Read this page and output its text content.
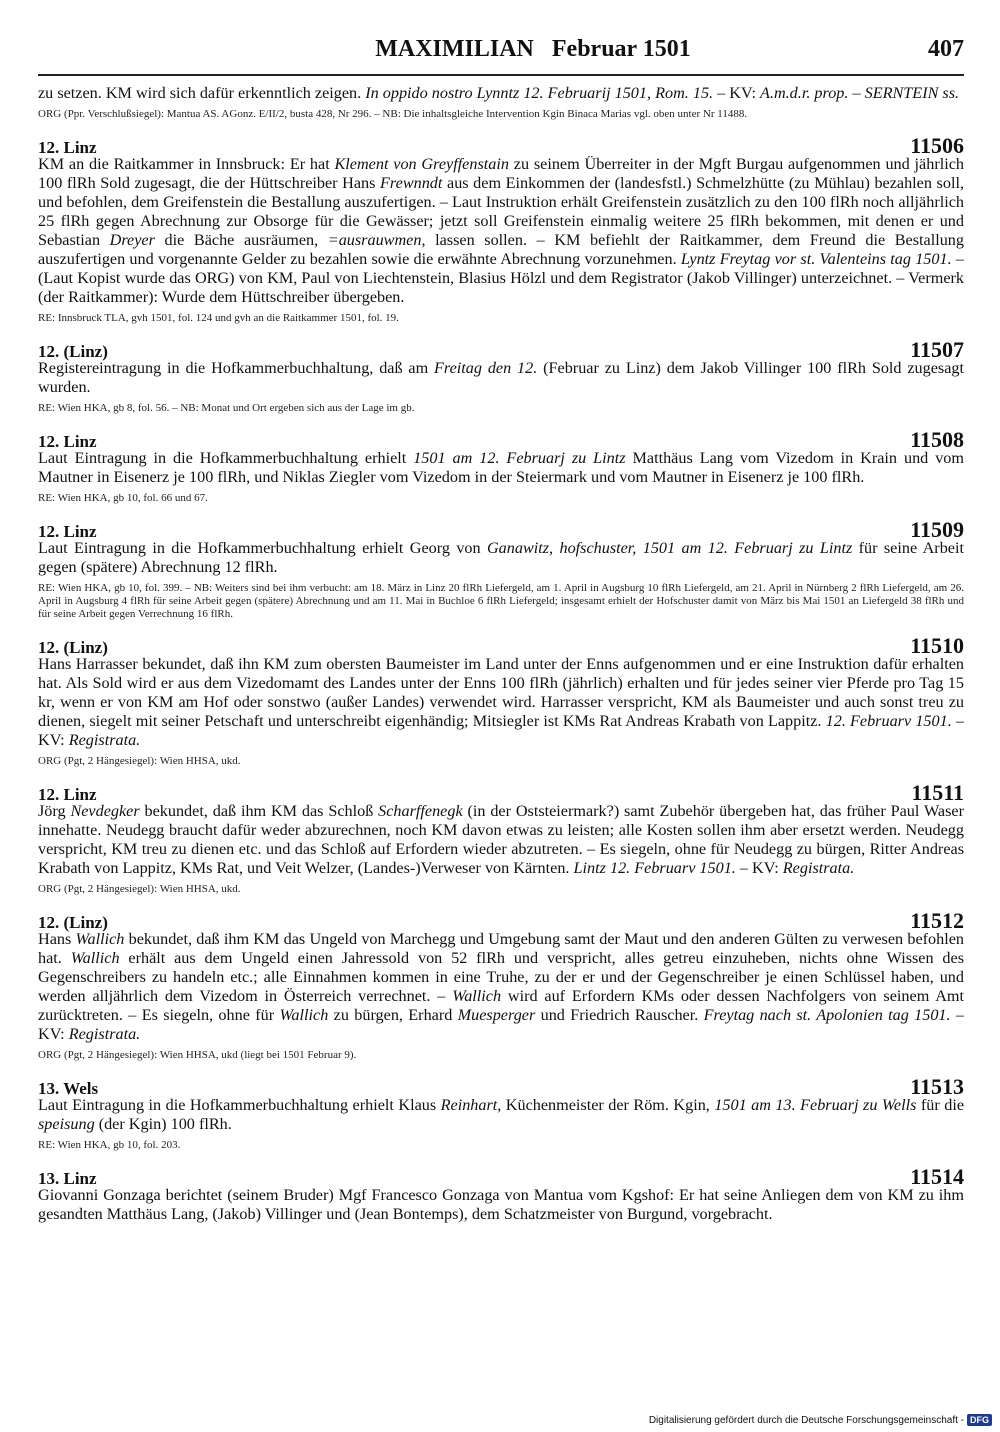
MAXIMILIAN Februar 1501	407

zu setzen. KM wird sich dafür erkenntlich zeigen. In oppido nostro Lynntz 12. Februarij 1501, Rom. 15. – KV: A.m.d.r. prop. – SERNTEIN ss.

ORG (Ppr. Verschlußsiegel): Mantua AS. AGonz. E/II/2, busta 428, Nr 296. – NB: Die inhaltsgleiche Intervention Kgin Binaca Marias vgl. oben unter Nr 11488.

12. Linz	11506

KM an die Raitkammer in Innsbruck: Er hat Klement von Greyffenstain zu seinem Überreiter in der Mgft Burgau aufgenommen und jährlich 100 flRh Sold zugesagt, die der Hüttschreiber Hans Frewnndt aus dem Einkommen der (landesfstl.) Schmelzhütte (zu Mühlau) bezahlen soll, und befohlen, dem Greifenstein die Bestallung auszufertigen. – Laut Instruktion erhält Greifenstein zusätzlich zu den 100 flRh noch alljährlich 25 flRh gegen Abrechnung zur Obsorge für die Gewässer; jetzt soll Greifenstein einmalig weitere 25 flRh bekommen, mit denen er und Sebastian Dreyer die Bäche ausräumen, =ausrauwmen, lassen sollen. – KM befiehlt der Raitkammer, dem Freund die Bestallung auszufertigen und vorgenannte Gelder zu bezahlen sowie die erwähnte Abrechnung vorzunehmen. Lyntz Freytag vor st. Valenteins tag 1501. – (Laut Kopist wurde das ORG) von KM, Paul von Liechtenstein, Blasius Hölzl und dem Registrator (Jakob Villinger) unterzeichnet. – Vermerk (der Raitkammer): Wurde dem Hüttschreiber übergeben.

RE: Innsbruck TLA, gvh 1501, fol. 124 und gvh an die Raitkammer 1501, fol. 19.

12. (Linz)	11507

Registereintragung in die Hofkammerbuchhaltung, daß am Freitag den 12. (Februar zu Linz) dem Jakob Villinger 100 flRh Sold zugesagt wurden.

RE: Wien HKA, gb 8, fol. 56. – NB: Monat und Ort ergeben sich aus der Lage im gb.

12. Linz	11508

Laut Eintragung in die Hofkammerbuchhaltung erhielt 1501 am 12. Februarj zu Lintz Matthäus Lang vom Vizedom in Krain und vom Mautner in Eisenerz je 100 flRh, und Niklas Ziegler vom Vizedom in der Steiermark und vom Mautner in Eisenerz je 100 flRh.

RE: Wien HKA, gb 10, fol. 66 und 67.

12. Linz	11509

Laut Eintragung in die Hofkammerbuchhaltung erhielt Georg von Ganawitz, hofschuster, 1501 am 12. Februarj zu Lintz für seine Arbeit gegen (spätere) Abrechnung 12 flRh.

RE: Wien HKA, gb 10, fol. 399. – NB: Weiters sind bei ihm verbucht: am 18. März in Linz 20 flRh Liefergeld, am 1. April in Augsburg 10 flRh Liefergeld, am 21. April in Nürnberg 2 flRh Liefergeld, am 26. April in Augsburg 4 flRh für seine Arbeit gegen (spätere) Abrechnung und am 11. Mai in Buchloe 6 flRh Liefergeld; insgesamt erhielt der Hofschuster damit von März bis Mai 1501 an Liefergeld 38 flRh und für seine Arbeit gegen Verrechnung 16 flRh.

12. (Linz)	11510

Hans Harrasser bekundet, daß ihn KM zum obersten Baumeister im Land unter der Enns aufgenommen und er eine Instruktion dafür erhalten hat. Als Sold wird er aus dem Vizedomamt des Landes unter der Enns 100 flRh (jährlich) erhalten und für jedes seiner vier Pferde pro Tag 15 kr, wenn er von KM am Hof oder sonstwo (außer Landes) verwendet wird. Harrasser verspricht, KM als Baumeister und auch sonst treu zu dienen, siegelt mit seiner Petschaft und unterschreibt eigenhändig; Mitsiegler ist KMs Rat Andreas Krabath von Lappitz. 12. Februarv 1501. – KV: Registrata.

ORG (Pgt, 2 Hängesiegel): Wien HHSA, ukd.

12. Linz	11511

Jörg Nevdegker bekundet, daß ihm KM das Schloß Scharffenegk (in der Oststeiermark?) samt Zubehör übergeben hat, das früher Paul Waser innehatte. Neudegg braucht dafür weder abzurechnen, noch KM davon etwas zu leisten; alle Kosten sollen ihm aber ersetzt werden. Neudegg verspricht, KM treu zu dienen etc. und das Schloß auf Erfordern wieder abzutreten. – Es siegeln, ohne für Neudegg zu bürgen, Ritter Andreas Krabath von Lappitz, KMs Rat, und Veit Welzer, (Landes-)Verweser von Kärnten. Lintz 12. Februarv 1501. – KV: Registrata.

ORG (Pgt, 2 Hängesiegel): Wien HHSA, ukd.

12. (Linz)	11512

Hans Wallich bekundet, daß ihm KM das Ungeld von Marchegg und Umgebung samt der Maut und den anderen Gülten zu verwesen befohlen hat. Wallich erhält aus dem Ungeld einen Jahressold von 52 flRh und verspricht, alles getreu einzuheben, nichts ohne Wissen des Gegenschreibers zu handeln etc.; alle Einnahmen kommen in eine Truhe, zu der er und der Gegenschreiber je einen Schlüssel haben, und werden alljährlich dem Vizedom in Österreich verrechnet. – Wallich wird auf Erfordern KMs oder dessen Nachfolgers von seinem Amt zurücktreten. – Es siegeln, ohne für Wallich zu bürgen, Erhard Muesperger und Friedrich Rauscher. Freytag nach st. Apolonien tag 1501. – KV: Registrata.

ORG (Pgt, 2 Hängesiegel): Wien HHSA, ukd (liegt bei 1501 Februar 9).

13. Wels	11513

Laut Eintragung in die Hofkammerbuchhaltung erhielt Klaus Reinhart, Küchenmeister der Röm. Kgin, 1501 am 13. Februarj zu Wells für die speisung (der Kgin) 100 flRh.

RE: Wien HKA, gb 10, fol. 203.

13. Linz	11514

Giovanni Gonzaga berichtet (seinem Bruder) Mgf Francesco Gonzaga von Mantua vom Kgshof: Er hat seine Anliegen dem von KM zu ihm gesandten Matthäus Lang, (Jakob) Villinger und (Jean Bontemps), dem Schatzmeister von Burgund, vorgebracht.

Digitalisierung gefördert durch die Deutsche Forschungsgemeinschaft - DFG
